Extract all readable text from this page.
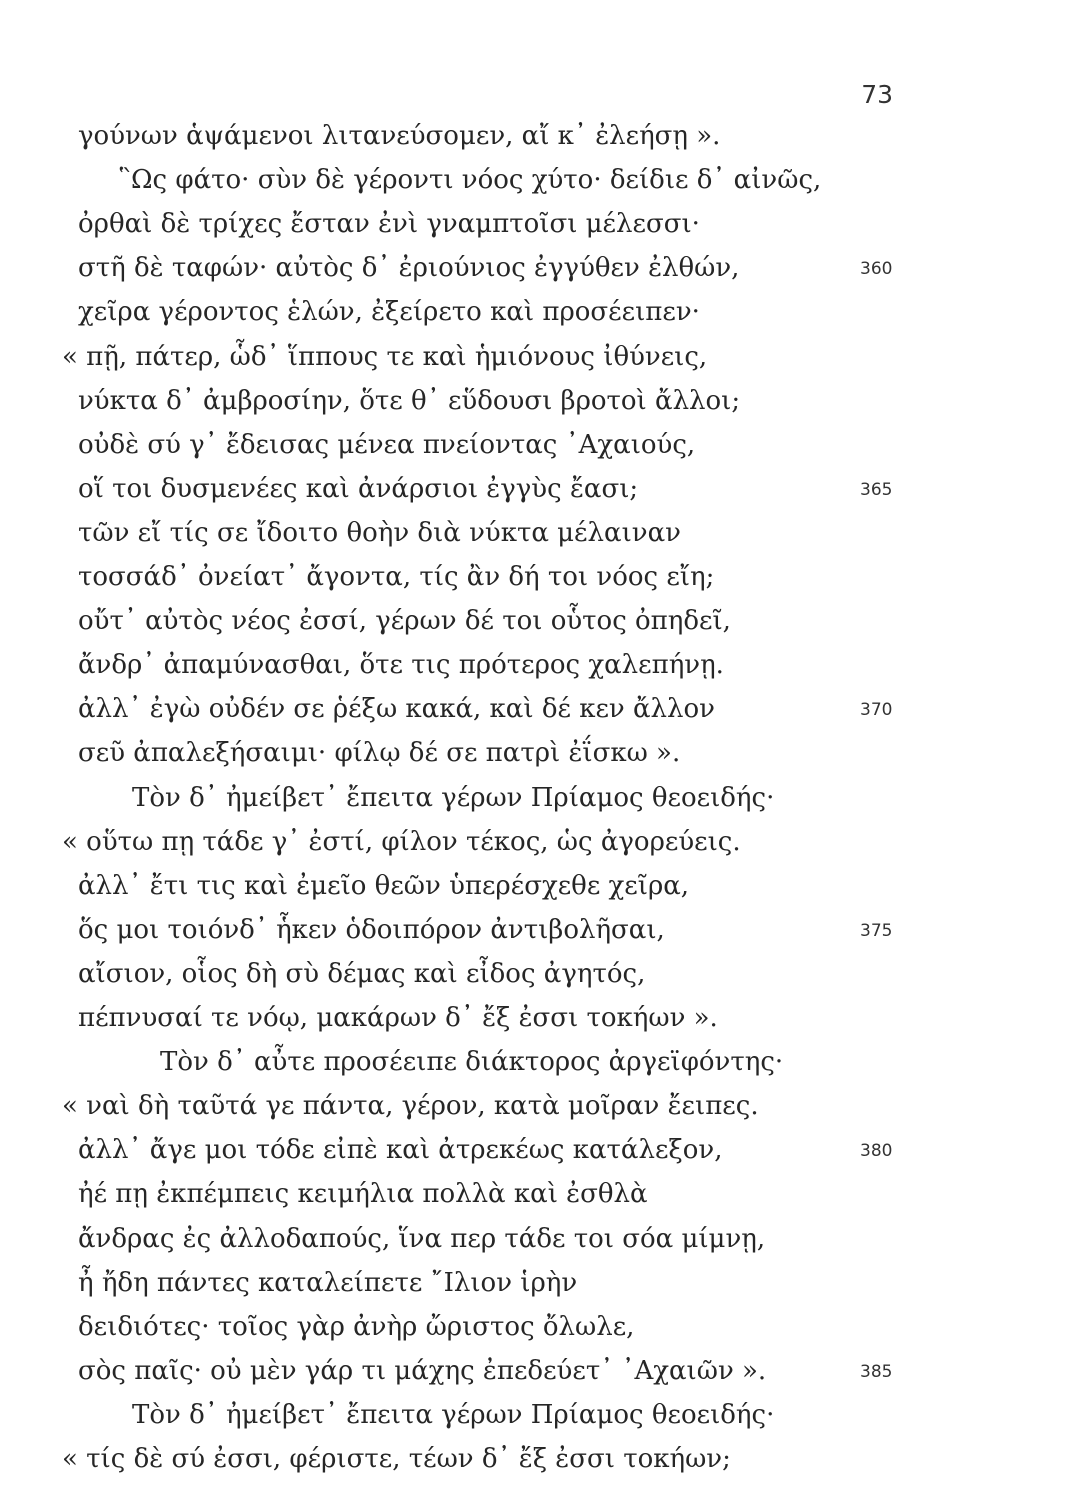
73
γούνων ἁψάμενοι λιτανεύσομεν, αἴ κ᾿ ἐλεήσῃ ».
῝Ως φάτο· σὺν δὲ γέροντι νόος χύτο· δείδιε δ᾿ αἰνῶς,
ὀρθαὶ δὲ τρίχες ἔσταν ἐνὶ γναμπτοῖσι μέλεσσι·
στῆ δὲ ταφών· αὐτὸς δ᾿ ἐριούνιος ἐγγύθεν ἐλθών,	360
χεῖρα γέροντος ἑλών, ἐξείρετο καὶ προσέειπεν·
« πῇ, πάτερ, ὧδ᾿ ἵππους τε καὶ ἡμιόνους ἰθύνεις,
νύκτα δ᾿ ἀμβροσίην, ὅτε θ᾿ εὕδουσι βροτοὶ ἄλλοι;
οὐδὲ σύ γ᾿ ἔδεισας μένεα πνείοντας ᾿Αχαιούς,
οἵ τοι δυσμενέες καὶ ἀνάρσιοι ἐγγὺς ἔασι;	365
τῶν εἴ τίς σε ἴδοιτο θοὴν διὰ νύκτα μέλαιναν
τοσσάδ᾿ ὀνείατ᾿ ἄγοντα, τίς ἂν δή τοι νόος εἴη;
οὔτ᾿ αὐτὸς νέος ἐσσί, γέρων δέ τοι οὗτος ὀπηδεῖ,
ἄνδρ᾿ ἀπαμύνασθαι, ὅτε τις πρότερος χαλεπήνῃ.
ἀλλ᾿ ἐγὼ οὐδέν σε ῥέξω κακά, καὶ δέ κεν ἄλλον	370
σεῦ ἀπαλεξήσαιμι· φίλῳ δέ σε πατρὶ ἐΐσκω ».
Τὸν δ᾿ ἠμείβετ᾿ ἔπειτα γέρων Πρίαμος θεοειδής·
« οὕτω πῃ τάδε γ᾿ ἐστί, φίλον τέκος, ὡς ἀγορεύεις.
ἀλλ᾿ ἔτι τις καὶ ἐμεῖο θεῶν ὑπερέσχεθε χεῖρα,
ὅς μοι τοιόνδ᾿ ἧκεν ὁδοιπόρον ἀντιβολῆσαι,	375
αἴσιον, οἷος δὴ σὺ δέμας καὶ εἶδος ἀγητός,
πέπνυσαί τε νόῳ, μακάρων δ᾿ ἔξ ἐσσι τοκήων ».
Τὸν δ᾿ αὖτε προσέειπε διάκτορος ἀργεϊφόντης·
« ναὶ δὴ ταῦτά γε πάντα, γέρον, κατὰ μοῖραν ἔειπες.
ἀλλ᾿ ἄγε μοι τόδε εἰπὲ καὶ ἀτρεκέως κατάλεξον,	380
ἠέ πῃ ἐκπέμπεις κειμήλια πολλὰ καὶ ἐσθλὰ
ἄνδρας ἐς ἀλλοδαπούς, ἵνα περ τάδε τοι σόα μίμνῃ,
ἦ ἤδη πάντες καταλείπετε ῎Ιλιον ἱρὴν
δειδιότες· τοῖος γὰρ ἀνὴρ ὤριστος ὄλωλε,
σὸς παῖς· οὐ μὲν γάρ τι μάχης ἐπεδεύετ᾿ ᾿Αχαιῶν ».	385
Τὸν δ᾿ ἠμείβετ᾿ ἔπειτα γέρων Πρίαμος θεοειδής·
« τίς δὲ σύ ἐσσι, φέριστε, τέων δ᾿ ἔξ ἐσσι τοκήων;
